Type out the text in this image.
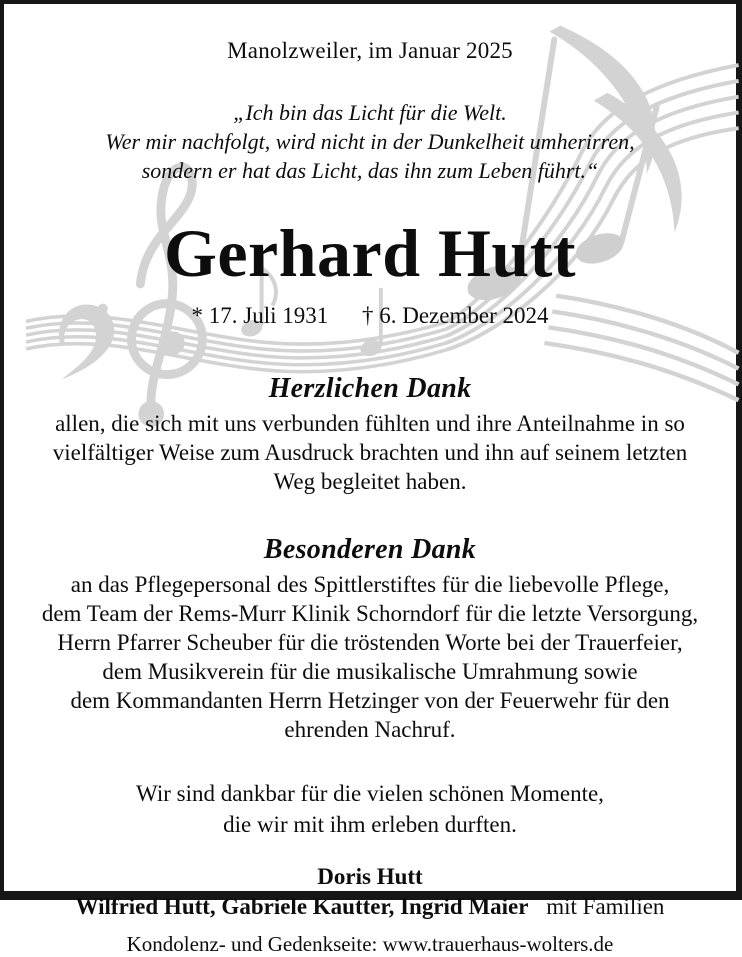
Manolzweiler, im Januar 2025
„Ich bin das Licht für die Welt.
Wer mir nachfolgt, wird nicht in der Dunkelheit umherirren,
sondern er hat das Licht, das ihn zum Leben führt.“
Gerhard Hutt
* 17. Juli 1931 † 6. Dezember 2024
Herzlichen Dank
allen, die sich mit uns verbunden fühlten und ihre Anteilnahme in so
vielfältiger Weise zum Ausdruck brachten und ihn auf seinem letzten
Weg begleitet haben.
Besonderen Dank
an das Pflegepersonal des Spittlerstiftes für die liebevolle Pflege,
dem Team der Rems-Murr Klinik Schorndorf für die letzte Versorgung,
Herrn Pfarrer Scheuber für die tröstenden Worte bei der Trauerfeier,
dem Musikverein für die musikalische Umrahmung sowie
dem Kommandanten Herrn Hetzinger von der Feuerwehr für den
ehrenden Nachruf.
Wir sind dankbar für die vielen schönen Momente,
die wir mit ihm erleben durften.
Doris Hutt
Wilfried Hutt, Gabriele Kautter, Ingrid Maier mit Familien
Kondolenz- und Gedenkseite: www.trauerhaus-wolters.de
